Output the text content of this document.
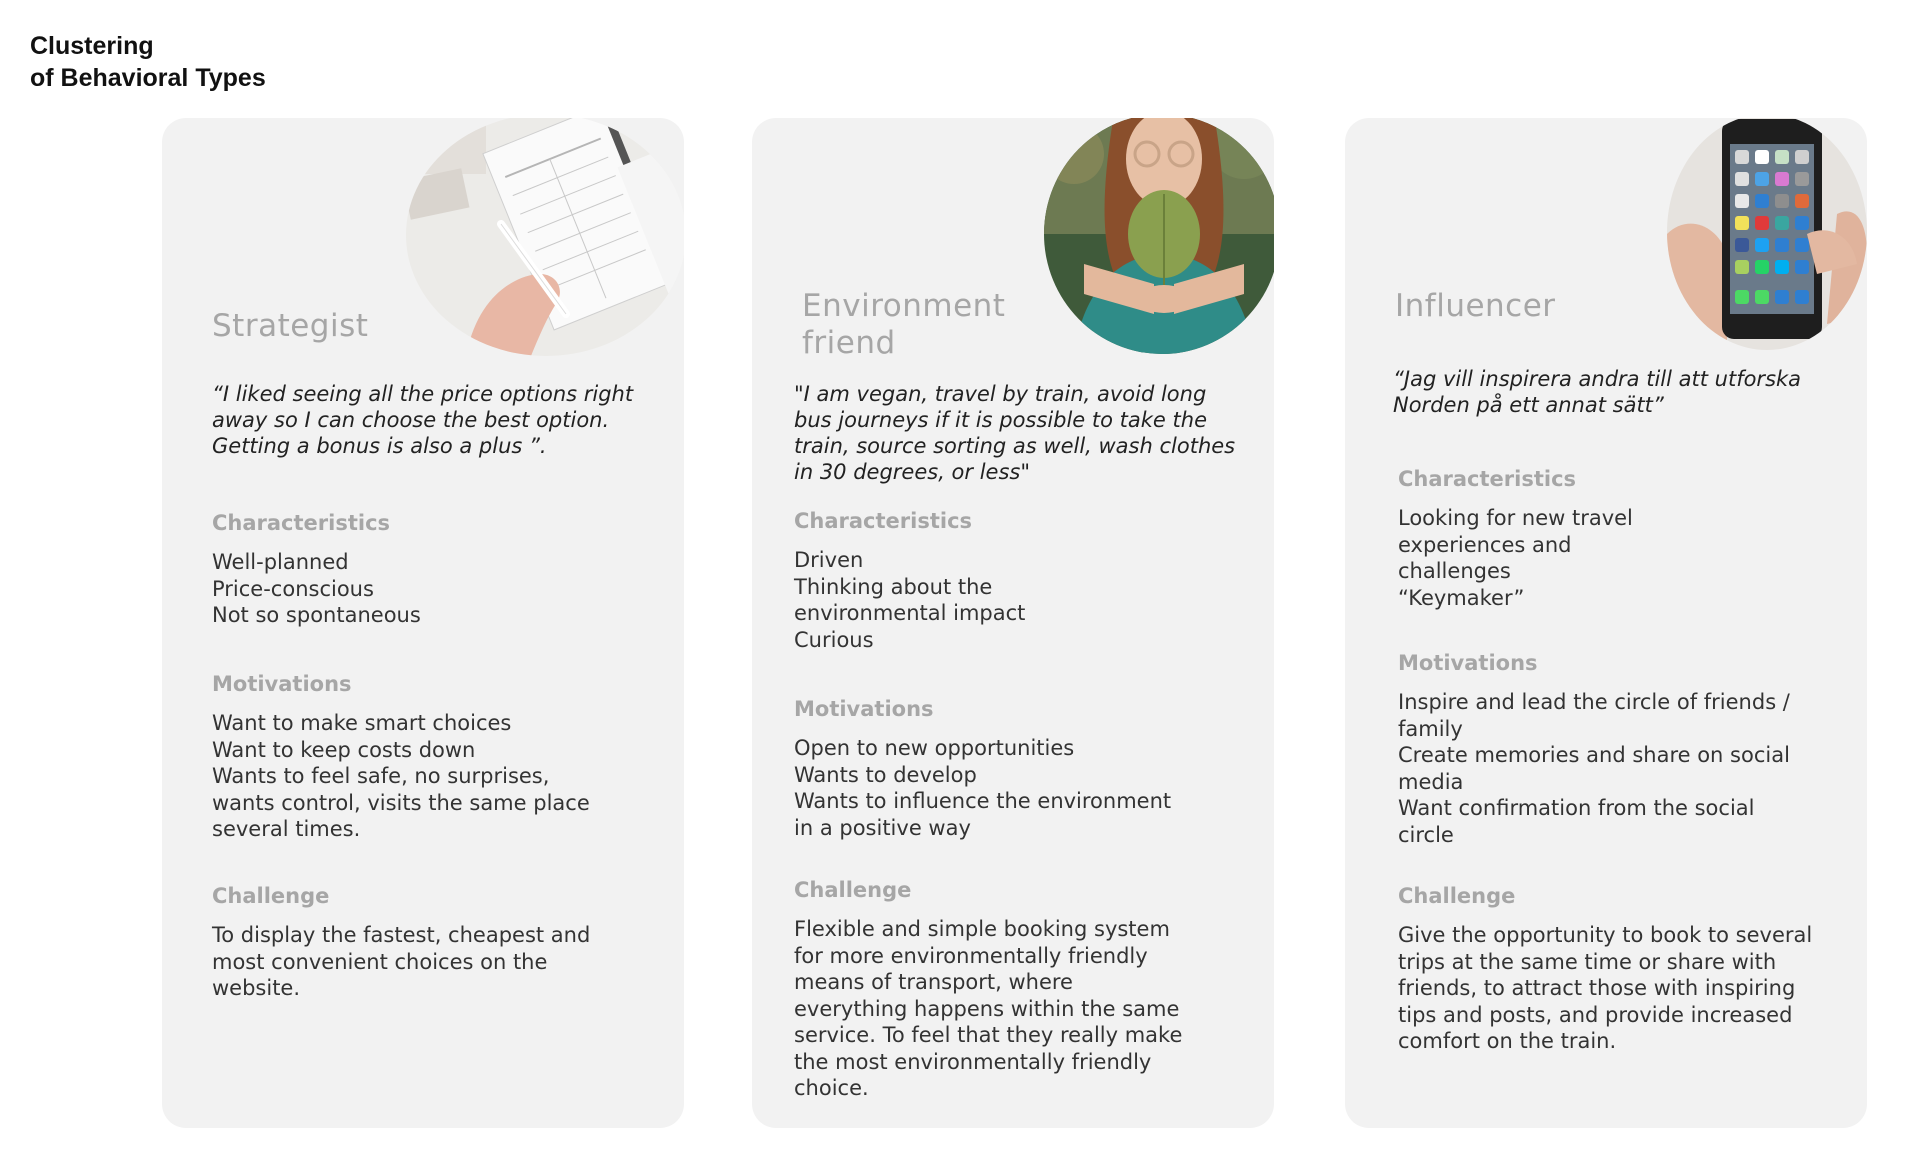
Clustering
of Behavioral Types
Strategist
“I liked seeing all the price options right away so I can choose the best option. Getting a bonus is also a plus ”.
Characteristics
Well-planned
Price-conscious
Not so spontaneous
Motivations
Want to make smart choices
Want to keep costs down
Wants to feel safe, no surprises,
wants control, visits the same place
several times.
Challenge
To display the fastest, cheapest and
most convenient choices on the
website.
Environment friend
"I am vegan, travel by train, avoid long bus journeys if it is possible to take the train, source sorting as well, wash clothes in 30 degrees, or less"
Characteristics
Driven
Thinking about the
environmental impact
Curious
Motivations
Open to new opportunities
Wants to develop
Wants to influence the environment
in a positive way
Challenge
Flexible and simple booking system
for more environmentally friendly
means of transport, where
everything happens within the same
service. To feel that they really make
the most environmentally friendly
choice.
Influencer
“Jag vill inspirera andra till att utforska Norden på ett annat sätt”
Characteristics
Looking for new travel
experiences and
challenges
“Keymaker”
Motivations
Inspire and lead the circle of friends /
family
Create memories and share on social
media
Want confirmation from the social
circle
Challenge
Give the opportunity to book to several
trips at the same time or share with
friends, to attract those with inspiring
tips and posts, and provide increased
comfort on the train.
